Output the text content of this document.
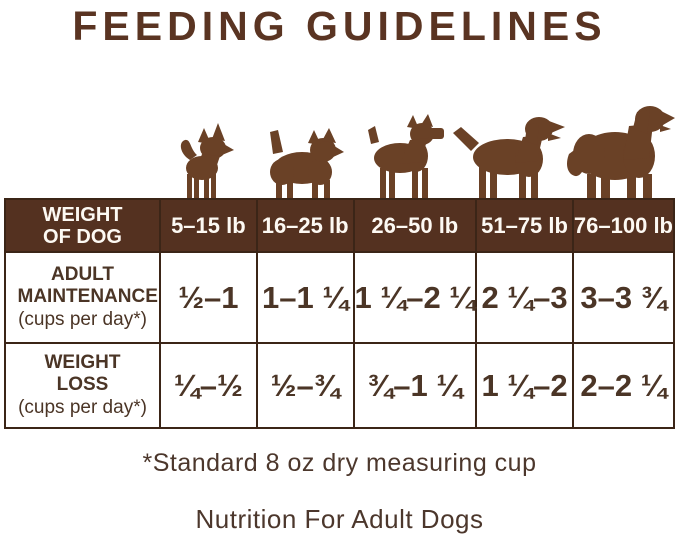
FEEDING GUIDELINES
WEIGHT OF DOG	5–15 lb 16–25 lb 26–50 lb 51–75 lb 76–100 lb
ADULT MAINTENANCE
(cups per day*)
½–1 1–1 ¼ 1 ¼–2 ¼ 2 ¼–3 3–3 ¾
WEIGHT LOSS
(cups per day*)
¼–½ ½–¾ ¾–1 ¼ 1 ¼–2 2–2 ¼
*Standard 8 oz dry measuring cup
Nutrition For Adult Dogs
